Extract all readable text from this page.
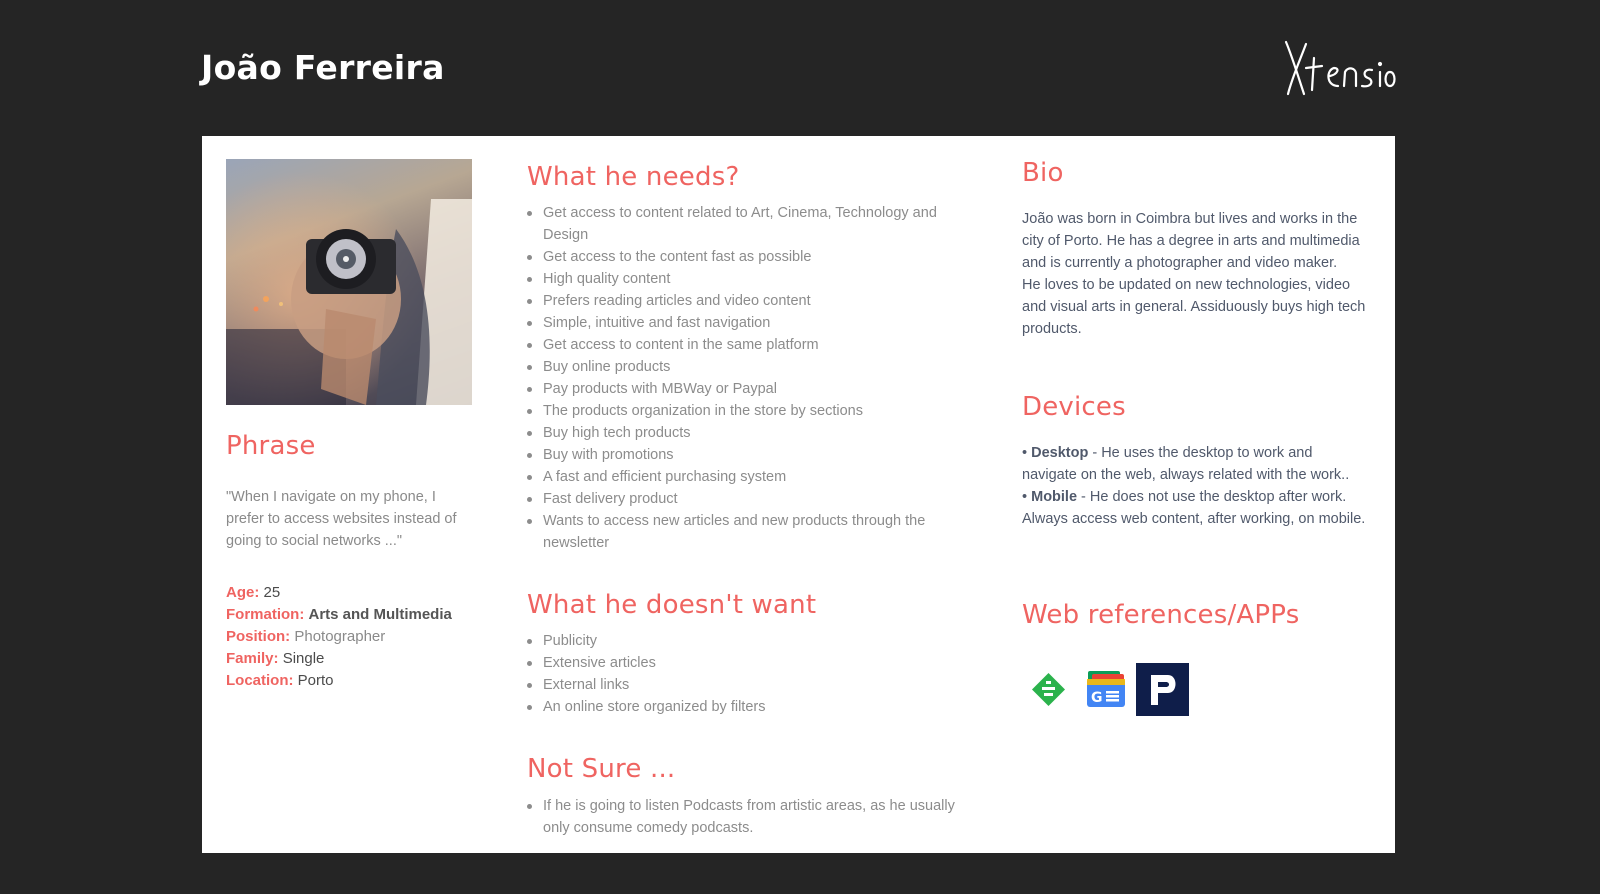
João Ferreira
Phrase
"When I navigate on my phone, I prefer to access websites instead of going to social networks ..."
Age: 25
Formation: Arts and Multimedia
Position: Photographer
Family: Single
Location: Porto
What he needs?
Get access to content related to Art, Cinema, Technology and Design
Get access to the content fast as possible
High quality content
Prefers reading articles and video content
Simple, intuitive and fast navigation
Get access to content in the same platform
Buy online products
Pay products with MBWay or Paypal
The products organization in the store by sections
Buy high tech products
Buy with promotions
A fast and efficient purchasing system
Fast delivery product
Wants to access new articles and new products through the newsletter
What he doesn't want
Publicity
Extensive articles
External links
An online store organized by filters
Not Sure ...
If he is going to listen Podcasts from artistic areas, as he usually only consume comedy podcasts.
Bio
João was born in Coimbra but lives and works in the city of Porto. He has a degree in arts and multimedia and is currently a photographer and video maker.
He loves to be updated on new technologies, video and visual arts in general. Assiduously buys high tech products.
Devices
• Desktop - He uses the desktop to work and navigate on the web, always related with the work..
• Mobile - He does not use the desktop after work. Always access web content, after working, on mobile.
Web references/APPs
G
